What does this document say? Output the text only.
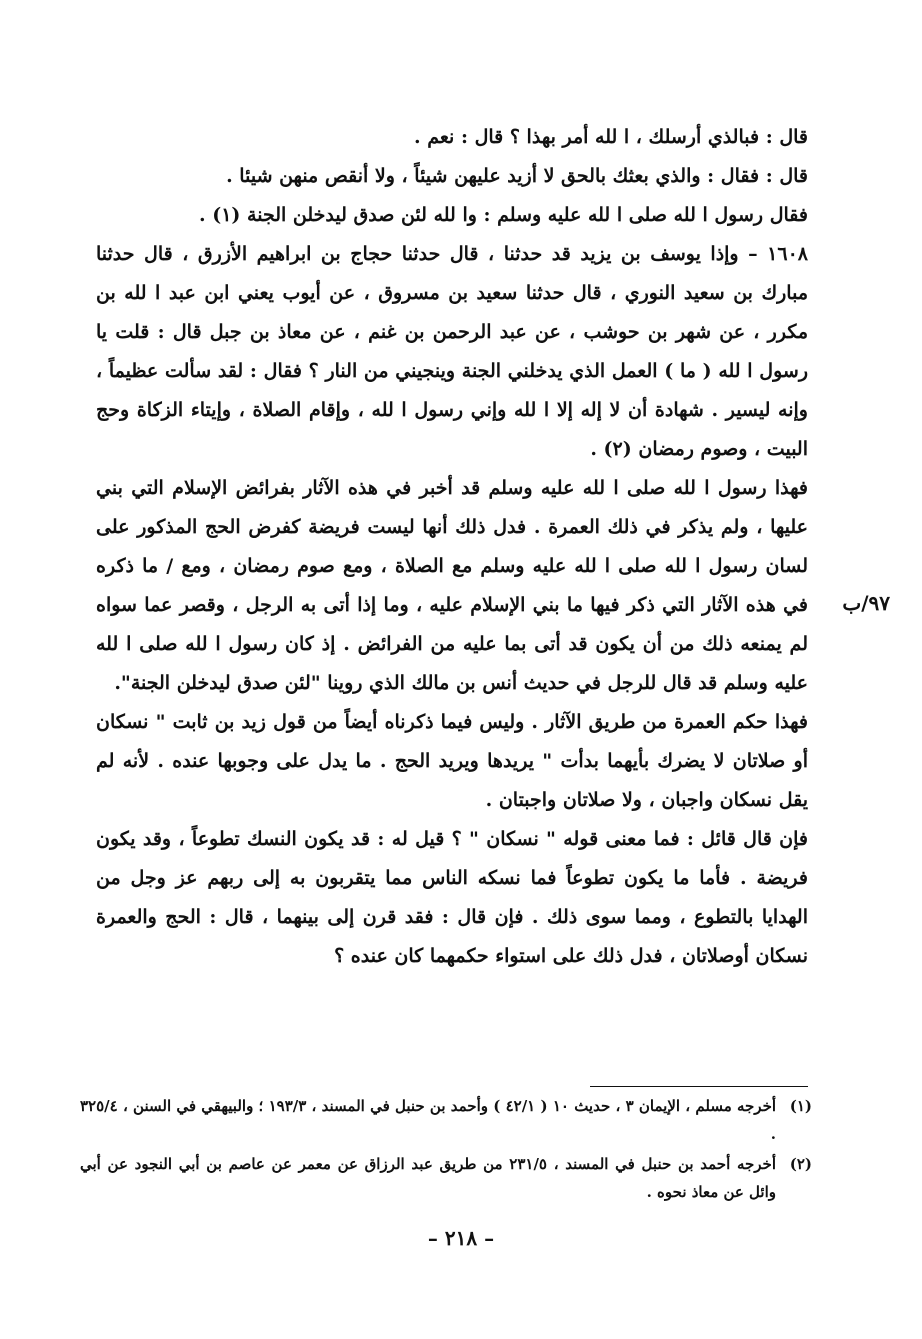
٩٧/ب

قال : فبالذي أرسلك ، ا لله أمر بهذا ؟ قال : نعم .

قال : فقال : والذي بعثك بالحق لا أزيد عليهن شيئاً ، ولا أنقص منهن شيئا .

فقال رسول ا لله صلى ا لله عليه وسلم : وا لله لئن صدق ليدخلن الجنة (١) .

١٦٠٨ – وإذا يوسف بن يزيد قد حدثنا ، قال حدثنا حجاج بن ابراهيم الأزرق ، قال حدثنا مبارك بن سعيد النوري ، قال حدثنا سعيد بن مسروق ، عن أيوب يعني ابن عبد ا لله بن مكرر ، عن شهر بن حوشب ، عن عبد الرحمن بن غنم ، عن معاذ بن جبل قال : قلت يا رسول ا لله ( ما ) العمل الذي يدخلني الجنة وينجيني من النار ؟ فقال : لقد سألت عظيماً ، وإنه ليسير . شهادة أن لا إله إلا ا لله وإني رسول ا لله ، وإقام الصلاة ، وإيتاء الزكاة وحج البيت ، وصوم رمضان (٢) .

فهذا رسول ا لله صلى ا لله عليه وسلم قد أخبر في هذه الآثار بفرائض الإسلام التي بني عليها ، ولم يذكر في ذلك العمرة . فدل ذلك أنها ليست فريضة كفرض الحج المذكور على لسان رسول ا لله صلى ا لله عليه وسلم مع الصلاة ، ومع صوم رمضان ، ومع / ما ذكره في هذه الآثار التي ذكر فيها ما بني الإسلام عليه ، وما إذا أتى به الرجل ، وقصر عما سواه لم يمنعه ذلك من أن يكون قد أتى بما عليه من الفرائض . إذ كان رسول ا لله صلى ا لله عليه وسلم قد قال للرجل في حديث أنس بن مالك الذي روينا "لئن صدق ليدخلن الجنة".

فهذا حكم العمرة من طريق الآثار . وليس فيما ذكرناه أيضاً من قول زيد بن ثابت " نسكان أو صلاتان لا يضرك بأيهما بدأت " يريدها ويريد الحج . ما يدل على وجوبها عنده . لأنه لم يقل نسكان واجبان ، ولا صلاتان واجبتان .

فإن قال قائل : فما معنى قوله " نسكان " ؟ قيل له : قد يكون النسك تطوعاً ، وقد يكون فريضة . فأما ما يكون تطوعاً فما نسكه الناس مما يتقربون به إلى ربهم عز وجل من الهدايا بالتطوع ، ومما سوى ذلك . فإن قال : فقد قرن إلى بينهما ، قال : الحج والعمرة نسكان أوصلاتان ، فدل ذلك على استواء حكمهما كان عنده ؟

(١)
أخرجه مسلم ، الإيمان ٣ ، حديث ١٠ ( ٤٢/١ ) وأحمد بن حنبل في المسند ، ١٩٣/٣ ؛ والبيهقي في السنن ، ٣٢٥/٤ .
(٢)
أخرجه أحمد بن حنبل في المسند ، ٢٣١/٥ من طريق عبد الرزاق عن معمر عن عاصم بن أبي النجود عن أبي وائل عن معاذ نحوه .
– ٢١٨ –
